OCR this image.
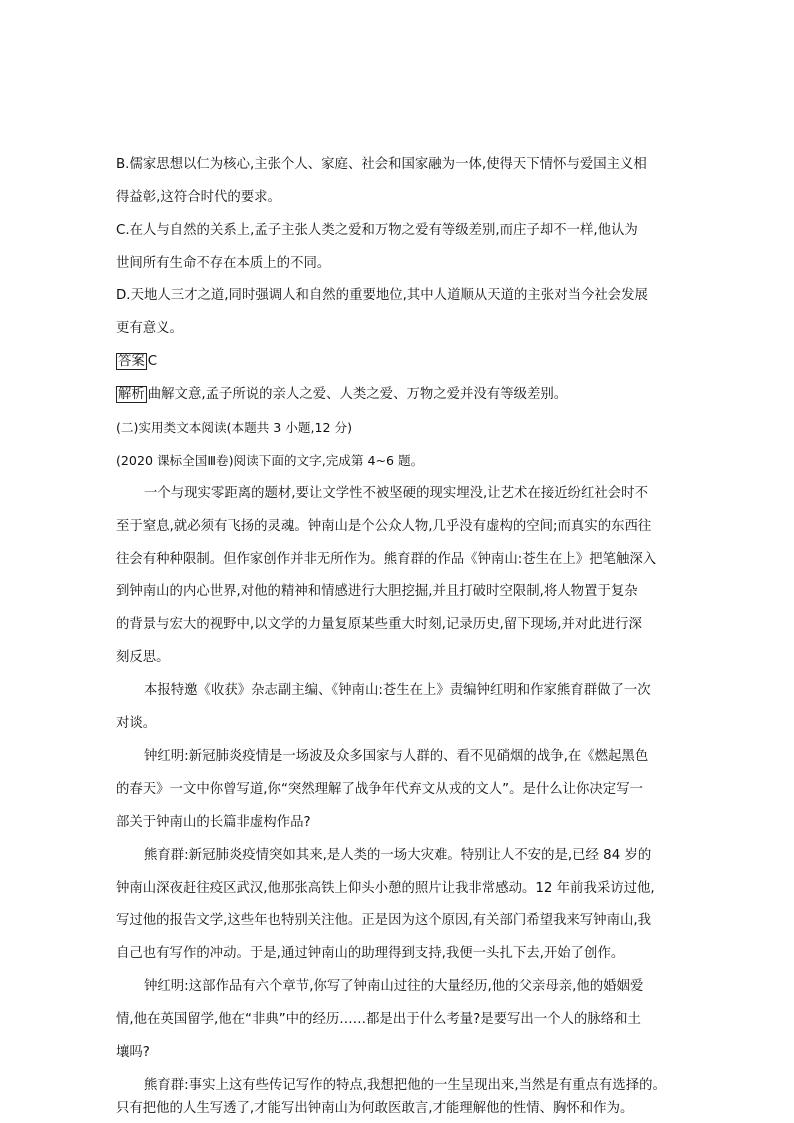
B.儒家思想以仁为核心,主张个人、家庭、社会和国家融为一体,使得天下情怀与爱国主义相
得益彰,这符合时代的要求。
C.在人与自然的关系上,孟子主张人类之爱和万物之爱有等级差别,而庄子却不一样,他认为
世间所有生命不存在本质上的不同。
D.天地人三才之道,同时强调人和自然的重要地位,其中人道顺从天道的主张对当今社会发展
更有意义。
答案 C
解析 曲解文意,孟子所说的亲人之爱、人类之爱、万物之爱并没有等级差别。
(二)实用类文本阅读(本题共 3 小题,12 分)
(2020 课标全国Ⅲ卷)阅读下面的文字,完成第 4~6 题。
一个与现实零距离的题材,要让文学性不被坚硬的现实埋没,让艺术在接近纷红社会时不
至于窒息,就必须有飞扬的灵魂。钟南山是个公众人物,几乎没有虚构的空间;而真实的东西往
往会有种种限制。但作家创作并非无所作为。熊育群的作品《钟南山:苍生在上》把笔触深入
到钟南山的内心世界,对他的精神和情感进行大胆挖掘,并且打破时空限制,将人物置于复杂
的背景与宏大的视野中,以文学的力量复原某些重大时刻,记录历史,留下现场,并对此进行深
刻反思。
本报特邀《收获》杂志副主编、《钟南山:苍生在上》责编钟红明和作家熊育群做了一次
对谈。
钟红明:新冠肺炎疫情是一场波及众多国家与人群的、看不见硝烟的战争,在《燃起黑色
的春天》一文中你曾写道,你“突然理解了战争年代弃文从戎的文人”。是什么让你决定写一
部关于钟南山的长篇非虚构作品?
熊育群:新冠肺炎疫情突如其来,是人类的一场大灾难。特别让人不安的是,已经 84 岁的
钟南山深夜赶往疫区武汉,他那张高铁上仰头小憩的照片让我非常感动。12 年前我采访过他,
写过他的报告文学,这些年也特别关注他。正是因为这个原因,有关部门希望我来写钟南山,我
自己也有写作的冲动。于是,通过钟南山的助理得到支持,我便一头扎下去,开始了创作。
钟红明:这部作品有六个章节,你写了钟南山过往的大量经历,他的父亲母亲,他的婚姻爱
情,他在英国留学,他在“非典”中的经历……都是出于什么考量?是要写出一个人的脉络和土
壤吗?
熊育群:事实上这有些传记写作的特点,我想把他的一生呈现出来,当然是有重点有选择的。
只有把他的人生写透了,才能写出钟南山为何敢医敢言,才能理解他的性情、胸怀和作为。
